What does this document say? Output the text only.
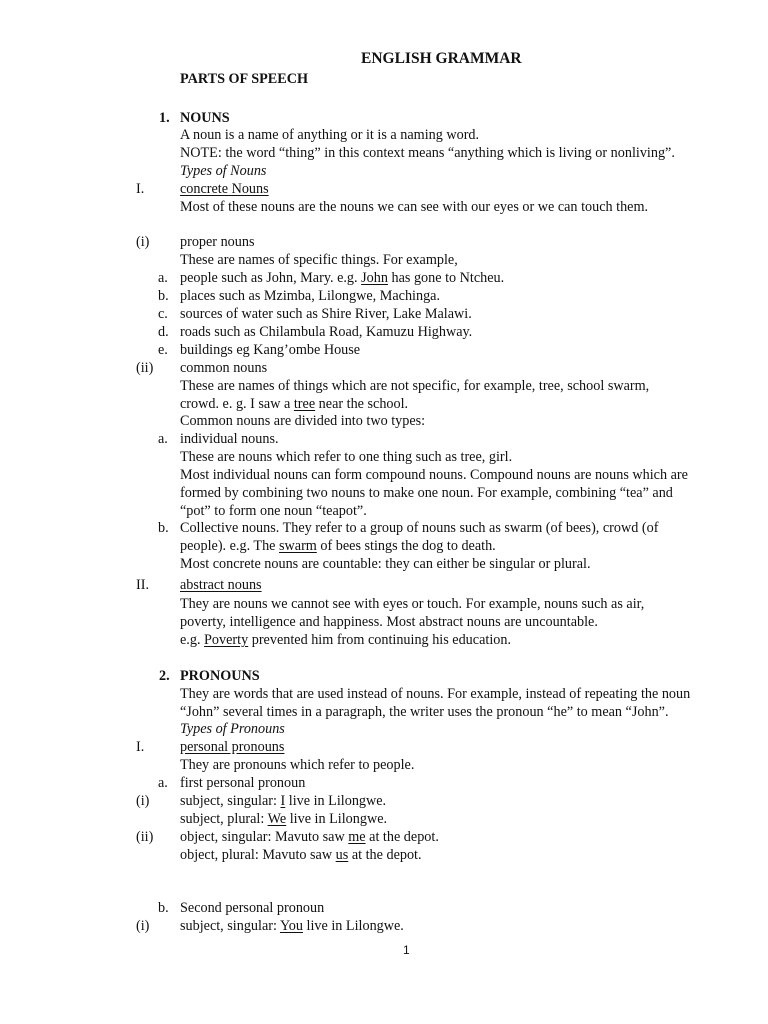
ENGLISH GRAMMAR
PARTS OF SPEECH
1. NOUNS
A noun is a name of anything or it is a naming word.
NOTE: the word “thing” in this context means “anything which is living or nonliving”.
Types of Nouns
I.	concrete Nouns
Most of these nouns are the nouns we can see with our eyes or we can touch them.
(i) proper nouns
These are names of specific things. For example,
a. people such as John, Mary. e.g. John has gone to Ntcheu.
b. places such as Mzimba, Lilongwe, Machinga.
c. sources of water such as Shire River, Lake Malawi.
d. roads such as Chilambula Road, Kamuzu Highway.
e. buildings eg Kang’ombe House
(ii) common nouns
These are names of things which are not specific, for example, tree, school swarm,
crowd. e. g. I saw a tree near the school.
Common nouns are divided into two types:
a. individual nouns.
These are nouns which refer to one thing such as tree, girl.
Most individual nouns can form compound nouns. Compound nouns are nouns which are
formed by combining two nouns to make one noun. For example, combining “tea” and
“pot” to form one noun “teapot”.
b. Collective nouns. They refer to a group of nouns such as swarm (of bees), crowd (of
people). e.g. The swarm of bees stings the dog to death.
Most concrete nouns are countable: they can either be singular or plural.
II. abstract nouns
They are nouns we cannot see with eyes or touch. For example, nouns such as air,
poverty, intelligence and happiness. Most abstract nouns are uncountable.
e.g. Poverty prevented him from continuing his education.
2. PRONOUNS
They are words that are used instead of nouns. For example, instead of repeating the noun
“John” several times in a paragraph, the writer uses the pronoun “he” to mean “John”.
Types of Pronouns
I.	personal pronouns
They are pronouns which refer to people.
a. first personal pronoun
(i) subject, singular: I live in Lilongwe.
subject, plural: We live in Lilongwe.
(ii) object, singular: Mavuto saw me at the depot.
object, plural: Mavuto saw us at the depot.
b. Second personal pronoun
(i) subject, singular: You live in Lilongwe.
1
